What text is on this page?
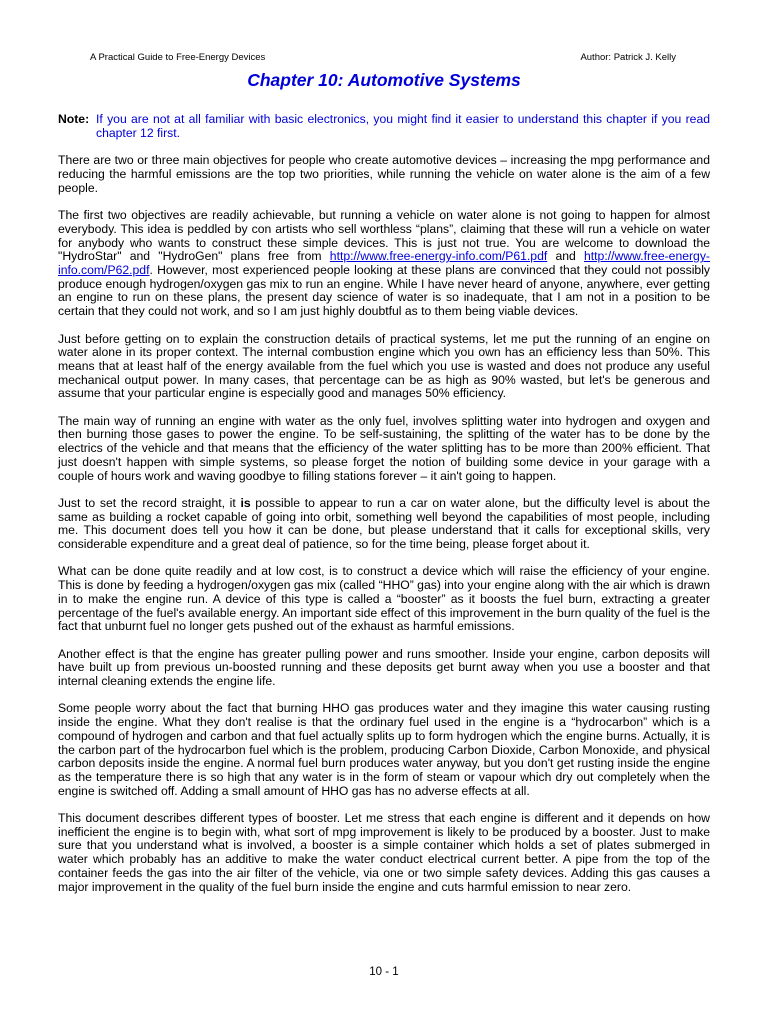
A Practical Guide to Free-Energy Devices	Author: Patrick J. Kelly
Chapter 10: Automotive Systems
Note: If you are not at all familiar with basic electronics, you might find it easier to understand this chapter if you read chapter 12 first.

There are two or three main objectives for people who create automotive devices – increasing the mpg performance and reducing the harmful emissions are the top two priorities, while running the vehicle on water alone is the aim of a few people.

The first two objectives are readily achievable, but running a vehicle on water alone is not going to happen for almost everybody. This idea is peddled by con artists who sell worthless “plans”, claiming that these will run a vehicle on water for anybody who wants to construct these simple devices. This is just not true. You are welcome to download the "HydroStar" and "HydroGen" plans free from http://www.free-energy-info.com/P61.pdf and http://www.free-energy-info.com/P62.pdf. However, most experienced people looking at these plans are convinced that they could not possibly produce enough hydrogen/oxygen gas mix to run an engine. While I have never heard of anyone, anywhere, ever getting an engine to run on these plans, the present day science of water is so inadequate, that I am not in a position to be certain that they could not work, and so I am just highly doubtful as to them being viable devices.

Just before getting on to explain the construction details of practical systems, let me put the running of an engine on water alone in its proper context. The internal combustion engine which you own has an efficiency less than 50%. This means that at least half of the energy available from the fuel which you use is wasted and does not produce any useful mechanical output power. In many cases, that percentage can be as high as 90% wasted, but let's be generous and assume that your particular engine is especially good and manages 50% efficiency.

The main way of running an engine with water as the only fuel, involves splitting water into hydrogen and oxygen and then burning those gases to power the engine. To be self-sustaining, the splitting of the water has to be done by the electrics of the vehicle and that means that the efficiency of the water splitting has to be more than 200% efficient. That just doesn't happen with simple systems, so please forget the notion of building some device in your garage with a couple of hours work and waving goodbye to filling stations forever – it ain't going to happen.

Just to set the record straight, it is possible to appear to run a car on water alone, but the difficulty level is about the same as building a rocket capable of going into orbit, something well beyond the capabilities of most people, including me. This document does tell you how it can be done, but please understand that it calls for exceptional skills, very considerable expenditure and a great deal of patience, so for the time being, please forget about it.

What can be done quite readily and at low cost, is to construct a device which will raise the efficiency of your engine. This is done by feeding a hydrogen/oxygen gas mix (called “HHO” gas) into your engine along with the air which is drawn in to make the engine run. A device of this type is called a “booster” as it boosts the fuel burn, extracting a greater percentage of the fuel's available energy. An important side effect of this improvement in the burn quality of the fuel is the fact that unburnt fuel no longer gets pushed out of the exhaust as harmful emissions.

Another effect is that the engine has greater pulling power and runs smoother. Inside your engine, carbon deposits will have built up from previous un-boosted running and these deposits get burnt away when you use a booster and that internal cleaning extends the engine life.

Some people worry about the fact that burning HHO gas produces water and they imagine this water causing rusting inside the engine. What they don't realise is that the ordinary fuel used in the engine is a “hydrocarbon” which is a compound of hydrogen and carbon and that fuel actually splits up to form hydrogen which the engine burns. Actually, it is the carbon part of the hydrocarbon fuel which is the problem, producing Carbon Dioxide, Carbon Monoxide, and physical carbon deposits inside the engine. A normal fuel burn produces water anyway, but you don't get rusting inside the engine as the temperature there is so high that any water is in the form of steam or vapour which dry out completely when the engine is switched off. Adding a small amount of HHO gas has no adverse effects at all.

This document describes different types of booster. Let me stress that each engine is different and it depends on how inefficient the engine is to begin with, what sort of mpg improvement is likely to be produced by a booster. Just to make sure that you understand what is involved, a booster is a simple container which holds a set of plates submerged in water which probably has an additive to make the water conduct electrical current better. A pipe from the top of the container feeds the gas into the air filter of the vehicle, via one or two simple safety devices. Adding this gas causes a major improvement in the quality of the fuel burn inside the engine and cuts harmful emission to near zero.

10 - 1
